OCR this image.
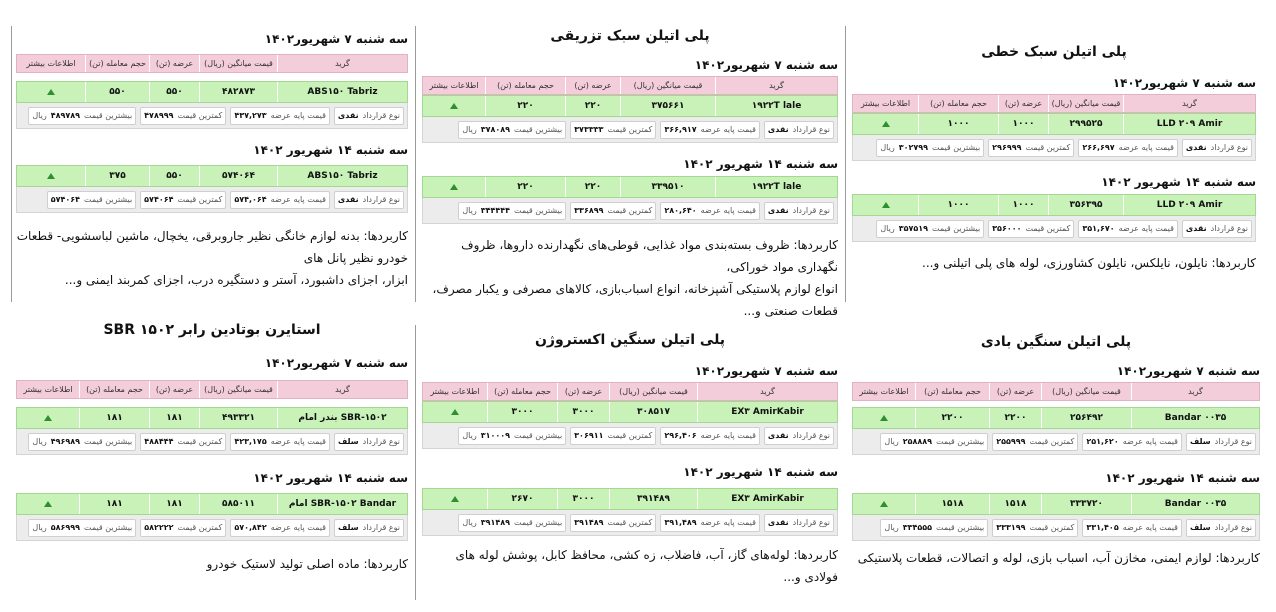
پلی اتیلن سبک خطی
سه شنبه ۷ شهریور۱۴۰۲
گرید
قیمت میانگین (ریال)
عرضه (تن)
حجم معامله (تن)
اطلاعات بیشتر
LLD ۲۰۹ Amir
۲۹۹۵۲۵
۱۰۰۰
۱۰۰۰
نوع قرارداد
نقدی
قیمت پایه عرضه
۲۶۶,۶۹۷
کمترین قیمت
۲۹۶۹۹۹
بیشترین قیمت
۳۰۲۷۹۹
ریال
سه شنبه ۱۴ شهریور ۱۴۰۲
LLD ۲۰۹ Amir
۳۵۶۳۹۵
۱۰۰۰
۱۰۰۰
نوع قرارداد
نقدی
قیمت پایه عرضه
۳۵۱,۶۷۰
کمترین قیمت
۳۵۶۰۰۰
بیشترین قیمت
۳۵۷۵۱۹
ریال
کاربردها: نایلون، نایلکس، نایلون کشاورزی، لوله های پلی اتیلنی و...
پلی اتیلن سبک تزریقی
سه شنبه ۷ شهریور۱۴۰۲
گرید
قیمت میانگین (ریال)
عرضه (تن)
حجم معامله (تن)
اطلاعات بیشتر
۱۹۲۲T lale
۳۷۵۶۶۱
۲۲۰
۲۲۰
نوع قرارداد
نقدی
قیمت پایه عرضه
۳۶۶,۹۱۷
کمترین قیمت
۳۷۳۳۳۳
بیشترین قیمت
۳۷۸۰۸۹
ریال
سه شنبه ۱۴ شهریور ۱۴۰۲
۱۹۲۲T lale
۳۳۹۵۱۰
۲۲۰
۲۲۰
نوع قرارداد
نقدی
قیمت پایه عرضه
۲۸۰,۶۴۰
کمترین قیمت
۳۳۶۸۹۹
بیشترین قیمت
۳۴۴۴۴۴
ریال
کاربردها: ظروف بسته‌بندی مواد غذایی، قوطی‌های نگهدارنده داروها، ظروف نگهداری مواد خوراکی،
انواع لوازم پلاستیکی آشپزخانه، انواع اسباب‌بازی، کالاهای مصرفی و یکبار مصرف، قطعات صنعتی و...
سه شنبه ۷ شهریور۱۴۰۲
گرید
قیمت میانگین (ریال)
عرضه (تن)
حجم معامله (تن)
اطلاعات بیشتر
ABS۱۵۰ Tabriz
۴۸۲۸۷۳
۵۵۰
۵۵۰
نوع قرارداد
نقدی
قیمت پایه عرضه
۴۳۷,۲۷۳
کمترین قیمت
۴۷۸۹۹۹
بیشترین قیمت
۴۸۹۷۸۹
ریال
سه شنبه ۱۴ شهریور ۱۴۰۲
ABS۱۵۰ Tabriz
۵۷۴۰۶۴
۵۵۰
۳۷۵
نوع قرارداد
نقدی
قیمت پایه عرضه
۵۷۴,۰۶۴
کمترین قیمت
۵۷۴۰۶۴
بیشترین قیمت
۵۷۴۰۶۴
کاربردها: بدنه لوازم خانگی نظیر جاروبرقی، یخچال، ماشین لباسشویی- قطعات خودرو نظیر پانل های
ابزار، اجزای داشبورد، آستر و دستگیره درب، اجزای کمربند ایمنی و...
پلی اتیلن سنگین بادی
سه شنبه ۷ شهریور۱۴۰۲
گرید
قیمت میانگین (ریال)
عرضه (تن)
حجم معامله (تن)
اطلاعات بیشتر
Bandar ۰۰۳۵
۲۵۶۴۹۲
۲۲۰۰
۲۲۰۰
نوع قرارداد
سلف
قیمت پایه عرضه
۲۵۱,۶۲۰
کمترین قیمت
۲۵۵۹۹۹
بیشترین قیمت
۲۵۸۸۸۹
ریال
سه شنبه ۱۴ شهریور ۱۴۰۲
Bandar ۰۰۳۵
۳۳۳۷۲۰
۱۵۱۸
۱۵۱۸
نوع قرارداد
سلف
قیمت پایه عرضه
۳۳۱,۴۰۵
کمترین قیمت
۳۳۳۱۹۹
بیشترین قیمت
۳۳۴۵۵۵
ریال
کاربردها: لوازم ایمنی، مخازن آب، اسباب بازی، لوله و اتصالات، قطعات پلاستیکی
پلی اتیلن سنگین اکستروژن
سه شنبه ۷ شهریور۱۴۰۲
گرید
قیمت میانگین (ریال)
عرضه (تن)
حجم معامله (تن)
اطلاعات بیشتر
EX۳ AmirKabir
۳۰۸۵۱۷
۳۰۰۰
۳۰۰۰
نوع قرارداد
نقدی
قیمت پایه عرضه
۲۹۶,۴۰۶
کمترین قیمت
۳۰۶۹۱۱
بیشترین قیمت
۳۱۰۰۰۹
ریال
سه شنبه ۱۴ شهریور ۱۴۰۲
EX۳ AmirKabir
۳۹۱۴۸۹
۳۰۰۰
۲۶۷۰
نوع قرارداد
نقدی
قیمت پایه عرضه
۳۹۱,۴۸۹
کمترین قیمت
۳۹۱۴۸۹
بیشترین قیمت
۳۹۱۴۸۹
ریال
کاربردها: لوله‌های گاز، آب، فاضلاب، زه کشی، محافظ کابل، پوشش لوله های فولادی و...
استایرن بوتادین رابر ۱۵۰۲ SBR
سه شنبه ۷ شهریور۱۴۰۲
گرید
قیمت میانگین (ریال)
عرضه (تن)
حجم معامله (تن)
اطلاعات بیشتر
SBR-۱۵۰۲ بندر امام
۴۹۳۳۲۱
۱۸۱
۱۸۱
نوع قرارداد
سلف
قیمت پایه عرضه
۴۲۳,۱۷۵
کمترین قیمت
۴۸۸۴۴۴
بیشترین قیمت
۴۹۶۹۸۹
ریال
سه شنبه ۱۴ شهریور ۱۴۰۲
SBR-۱۵۰۲ Bandar امام
۵۸۵۰۱۱
۱۸۱
۱۸۱
نوع قرارداد
سلف
قیمت پایه عرضه
۵۷۰,۸۴۲
کمترین قیمت
۵۸۲۲۲۲
بیشترین قیمت
۵۸۶۹۹۹
ریال
کاربردها: ماده اصلی تولید لاستیک خودرو
